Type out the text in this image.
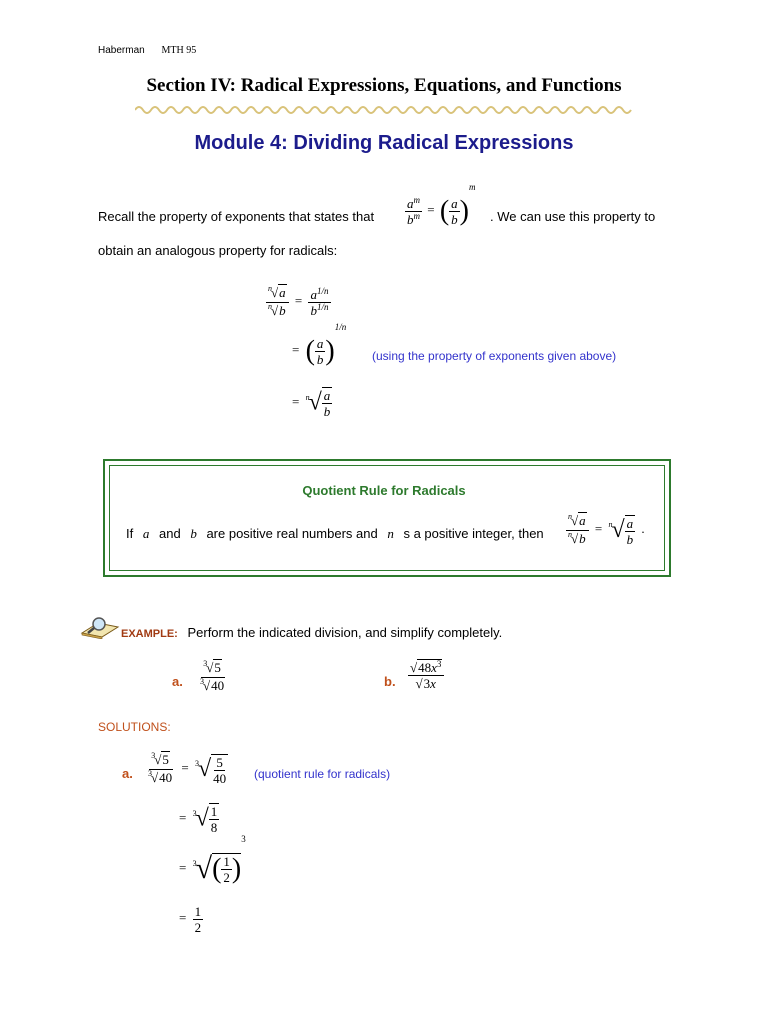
Haberman MTH 95
Section IV: Radical Expressions, Equations, and Functions
Module 4: Dividing Radical Expressions
Recall the property of exponents that states that $\frac{a^m}{b^m}$ = ( $\frac{a}{b} )^m$
. We can use this property to
obtain an analogous property for radicals:
$\frac{^n√a}{^n√b} = \frac{a^{1/n}}{b^{1/n}}$
= ( $\frac{a}{b} )^{1/n}$
(using the property of exponents given above)
= $^n√ \frac{a}{b}$
Quotient Rule for Radicals
If a and b are positive real numbers and n s a positive integer, then	$\frac{^n√a}{^n√b} = ^n√ \frac{a}{b}$ .
EXAMPLE: Perform the indicated division, and simplify completely.
a. $\frac{^3√5}{^3√40}$	b. $\frac{√48x^3}{√3x}$
SOLUTIONS:
a. $\frac{^3√5}{^3√40} = ^3√ \frac{5}{40}$ (quotient rule for radicals)
= $^3√ \frac{1}{8}$
= $^3√( \frac{1}{2} )^3$
= $\frac{1}{2}$
